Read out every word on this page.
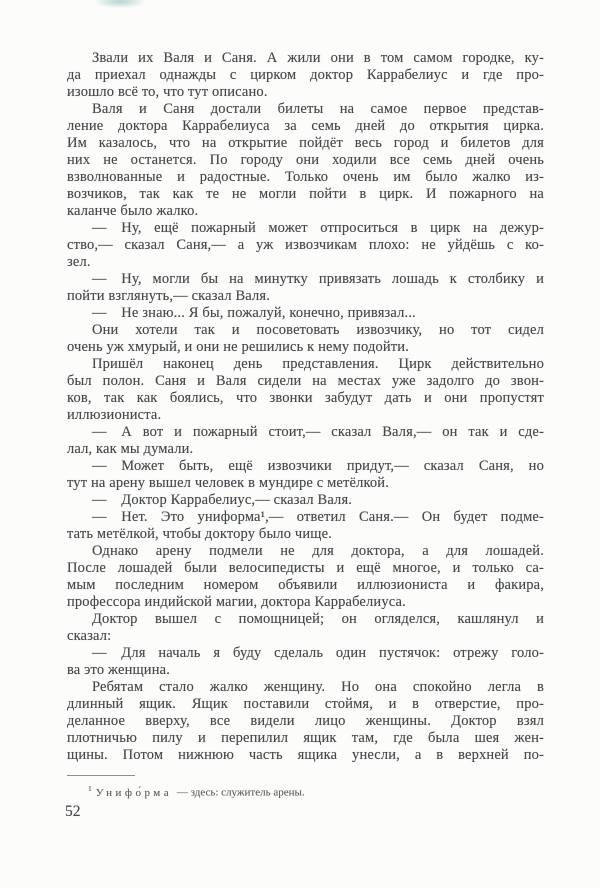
Звали их Валя и Саня. А жили они в том самом городке, ку-
да приехал однажды с цирком доктор Каррабелиус и где про-
изошло всё то, что тут описано.
Валя и Саня достали билеты на самое первое представ-
ление доктора Каррабелиуса за семь дней до открытия цирка.
Им казалось, что на открытие пойдёт весь город и билетов для
них не останется. По городу они ходили все семь дней очень
взволнованные и радостные. Только очень им было жалко из-
возчиков, так как те не могли пойти в цирк. И пожарного на
каланче было жалко.
— Ну, ещё пожарный может отпроситься в цирк на дежур-
ство,— сказал Саня,— а уж извозчикам плохо: не уйдёшь с ко-
зел.
— Ну, могли бы на минутку привязать лошадь к столбику и
пойти взглянуть,— сказал Валя.
— Не знаю... Я бы, пожалуй, конечно, привязал...
Они хотели так и посоветовать извозчику, но тот сидел
очень уж хмурый, и они не решились к нему подойти.
Пришёл наконец день представления. Цирк действительно
был полон. Саня и Валя сидели на местах уже задолго до звон-
ков, так как боялись, что звонки забудут дать и они пропустят
иллюзиониста.
— А вот и пожарный стоит,— сказал Валя,— он так и сде-
лал, как мы думали.
— Может быть, ещё извозчики придут,— сказал Саня, но
тут на арену вышел человек в мундире с метёлкой.
— Доктор Каррабелиус,— сказал Валя.
— Нет. Это униформа¹,— ответил Саня.— Он будет подме-
тать метёлкой, чтобы доктору было чище.
Однако арену подмели не для доктора, а для лошадей.
После лошадей были велосипедисты и ещё многое, и только са-
мым последним номером объявили иллюзиониста и факира,
профессора индийской магии, доктора Каррабелиуса.
Доктор вышел с помощницей; он огляделся, кашлянул и
сказал:
— Для началь я буду сделаль один пустячок: отрежу голо-
ва это женщина.
Ребятам стало жалко женщину. Но она спокойно легла в
длинный ящик. Ящик поставили стоймя, и в отверстие, про-
деланное вверху, все видели лицо женщины. Доктор взял
плотничью пилу и перепилил ящик там, где была шея жен-
щины. Потом нижнюю часть ящика унесли, а в верхней по-
$^1$ Унифо́рма — здесь: служитель арены.
52
